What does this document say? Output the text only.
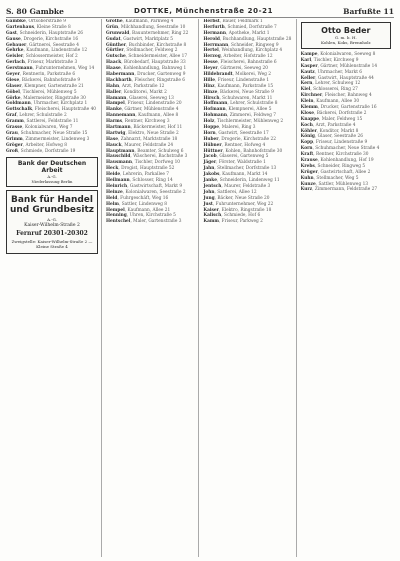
S. 80 Gambke	DOTTKE, Münchenstraße 20-21	Barfußte 11
Gambke, Ortsoberstraße 9
Gartenhaus, Kleine Straße 8
Gast, Schneiderin, Hauptstraße 26
Gause, Drogerie, Kirchstraße 16
Gebauer, Gärtnerei, Seestraße 4
Gehrke, Kaufmann, Lindenstraße 12
Geisler, Schlossermeister, Hof 2
Gerlach, Friseur, Marktstraße 3
Gerstmann, Fuhrunternehmen, Weg 14
Geyer, Rentnerin, Parkstraße 6
Giese, Bäckerei, Bahnhofstraße 9
Glaser, Klempner, Gartenstraße 21
Göbel, Tischlerei, Mühlenweg 5
Görke, Malermeister, Ringstraße 30
Goldmann, Uhrmacher, Kirchplatz 1
Gottschalk, Fleischerei, Hauptstraße 40
Graf, Lehrer, Schulstraße 2
Gramm, Sattlerei, Feldstraße 11
Grasse, Kolonialwaren, Weg 7
Grau, Schuhmacher, Neue Straße 15
Grimm, Zimmermeister, Lindenweg 3
Gröger, Arbeiter, Hofweg 8
Groß, Schmiede, Dorfstraße 19
Bank der Deutschen Arbeit
A.-G.
Niederlassung Berlin
Bank für Handel und Grundbesitz
A.-G.
Kaiser-Wilhelm-Straße 2
Fernruf 20301-20302
Zweigstelle: Kaiser-Wilhelm-Straße 2 — Kleine Straße 4
Grothe, Kaufmann, Parkweg 4
Grün, Milchhandlung, Seestraße 10
Grunwald, Bauunternehmer, Ring 22
Gudat, Gastwirt, Marktplatz 5
Günther, Buchbinder, Kirchstraße 8
Gürtler, Stellmacher, Feldweg 2
Gutsche, Schneidermeister, Allee 17
Haack, Bürobedarf, Hauptstraße 33
Haase, Kohlenhandlung, Bahnweg 1
Habermann, Drucker, Gartenweg 9
Hackbarth, Fleischer, Ringstraße 6
Hahn, Arzt, Parkstraße 12
Haller, Konditorei, Markt 2
Hamann, Glaserei, Seeweg 13
Hampel, Friseur, Lindenstraße 20
Hanke, Gärtner, Mühlenstraße 4
Hannemann, Kaufmann, Allee 8
Harms, Rentner, Kirchweg 3
Hartmann, Bäckermeister, Hof 11
Hartwig, Elektro, Neue Straße 2
Hase, Zahnarzt, Marktstraße 18
Hauck, Maurer, Feldstraße 24
Hauptmann, Beamter, Schulweg 6
Hauschild, Wäscherei, Bachstraße 3
Hausmann, Tischler, Dorfweg 10
Heck, Drogist, Hauptstraße 52
Heide, Lehrerin, Parkallee 7
Heilmann, Schlosser, Ring 14
Heinrich, Gastwirtschaft, Markt 9
Heinze, Kolonialwaren, Seestraße 2
Held, Fuhrgeschäft, Weg 16
Helm, Sattler, Lindenweg 8
Hempel, Kaufmann, Allee 21
Henning, Uhren, Kirchstraße 5
Hentschel, Maler, Gartenstraße 3
Herbst, Bauer, Feldmark 1
Herfurth, Schmied, Dorfstraße 7
Hermann, Apotheke, Markt 1
Herold, Buchhandlung, Hauptstraße 28
Herrmann, Schneider, Ringweg 9
Hertel, Weinhandlung, Kirchplatz 4
Herzog, Arbeiter, Hofstraße 12
Hesse, Fleischerei, Bahnstraße 6
Heyer, Gärtnerei, Seeweg 20
Hildebrandt, Molkerei, Weg 2
Hille, Friseur, Lindenstraße 1
Hinz, Kaufmann, Parkstraße 15
Hinze, Bäckerei, Neue Straße 9
Hirsch, Schuhwaren, Markt 11
Hoffmann, Lehrer, Schulstraße 8
Hofmann, Klempnerei, Allee 5
Hohmann, Zimmerei, Feldweg 7
Holz, Tischlermeister, Mühlenweg 2
Hoppe, Malerei, Ring 3
Horn, Gastwirt, Seestraße 17
Huber, Drogerie, Kirchstraße 22
Hübner, Rentner, Hofweg 4
Hüttner, Kohlen, Bahnhofstraße 30
Jacob, Glaserei, Gartenweg 5
Jäger, Förster, Waldstraße 1
Jahn, Stellmacher, Dorfstraße 13
Jakobs, Kaufmann, Markt 14
Janke, Schneiderin, Lindenweg 11
Jentsch, Maurer, Feldstraße 3
John, Sattlerei, Allee 12
Jung, Bäcker, Neue Straße 20
Just, Fuhrunternehmer, Weg 22
Kaiser, Elektro, Ringstraße 18
Kalisch, Schmiede, Hof 6
Kamm, Friseur, Parkweg 2
Otto Beder
G. m. b. H.
Kohlen, Koks, Brennholz
Kampe, Kolonialwaren, Seeweg 8
Karl, Tischler, Kirchweg 9
Kasper, Gärtner, Mühlenstraße 14
Kautz, Uhrmacher, Markt 6
Keller, Gastwirt, Hauptstraße 44
Kern, Lehrer, Schulweg 12
Kiel, Schlosserei, Ring 27
Kirchner, Fleischer, Bahnweg 4
Klein, Kaufmann, Allee 30
Klemm, Drucker, Gartenstraße 16
Klose, Bäckerei, Dorfstraße 2
Knappe, Maler, Feldweg 15
Koch, Arzt, Parkstraße 4
Köhler, Konditor, Markt 8
König, Glaser, Seestraße 26
Kopp, Friseur, Lindenstraße 9
Korn, Schuhmacher, Neue Straße 4
Kraft, Rentner, Kirchstraße 30
Krause, Kohlenhandlung, Hof 19
Krebs, Schneider, Ringweg 5
Krüger, Gastwirtschaft, Allee 2
Kuhn, Stellmacher, Weg 5
Kunze, Sattler, Mühlenweg 13
Kurz, Zimmermann, Feldstraße 27
